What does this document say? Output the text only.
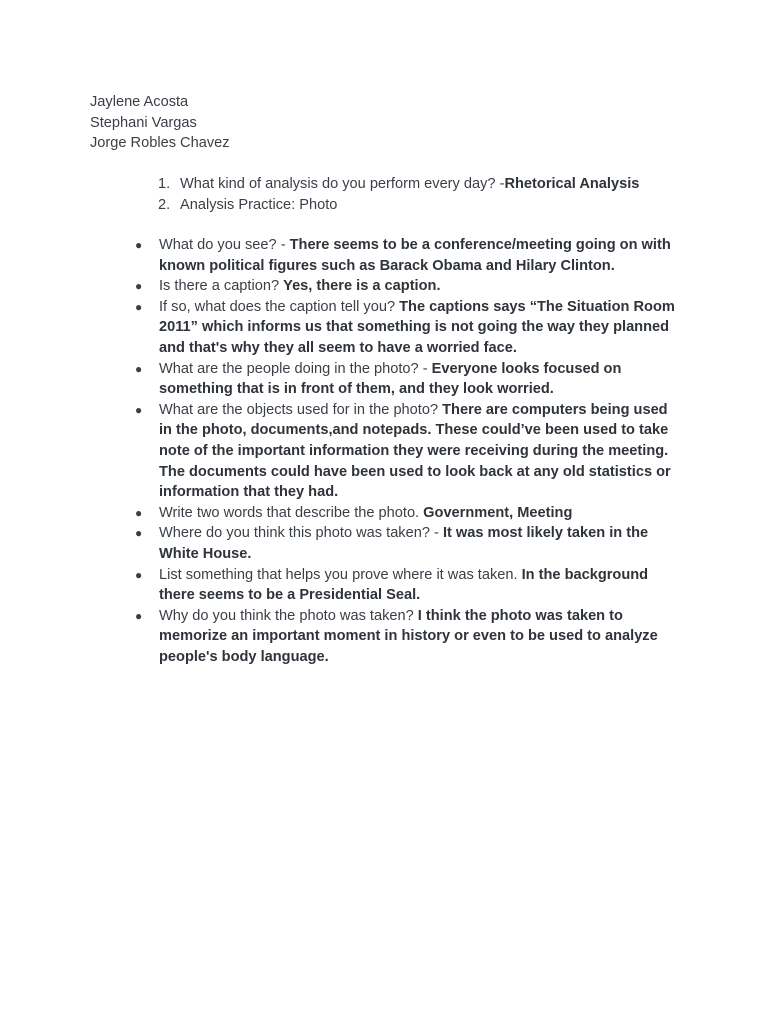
Jaylene Acosta
Stephani Vargas
Jorge Robles Chavez
1. What kind of analysis do you perform every day? - Rhetorical Analysis
2. Analysis Practice: Photo
●	What do you see? - There seems to be a conference/meeting going on with known political figures such as Barack Obama and Hilary Clinton.
●	Is there a caption? Yes, there is a caption.
●	If so, what does the caption tell you? The captions says “The Situation Room 2011” which informs us that something is not going the way they planned and that's why they all seem to have a worried face.
●	What are the people doing in the photo? - Everyone looks focused on something that is in front of them, and they look worried.
●	What are the objects used for in the photo? There are computers being used in the photo, documents,and notepads. These could’ve been used to take note of the important information they were receiving during the meeting. The documents could have been used to look back at any old statistics or information that they had.
●	Write two words that describe the photo. Government, Meeting
●	Where do you think this photo was taken? - It was most likely taken in the White House.
●	List something that helps you prove where it was taken. In the background there seems to be a Presidential Seal.
●	Why do you think the photo was taken? I think the photo was taken to memorize an important moment in history or even to be used to analyze people's body language.
